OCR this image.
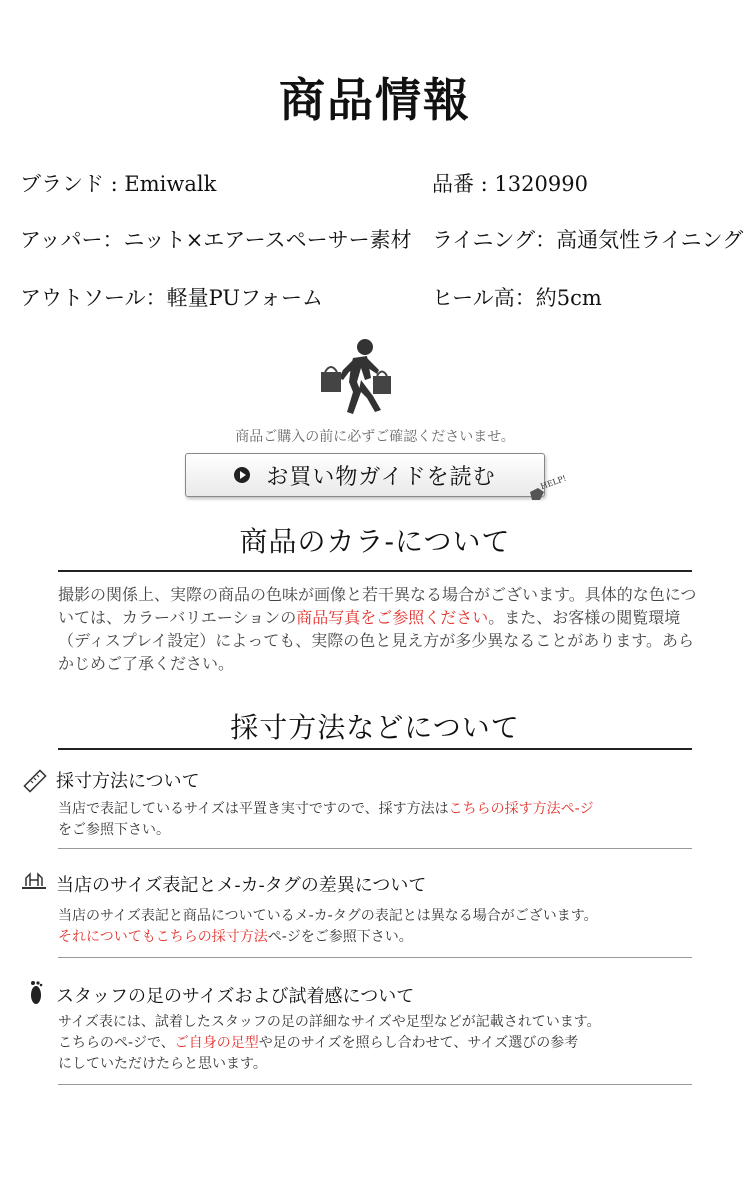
商品情報
ブランド : Emiwalk	品番 : 1320990
アッパー：ニット×エアースペーサー素材 ライニング：高通気性ライニング
アウトソール：軽量PUフォーム	ヒール高：約5cm
商品ご購入の前に必ずご確認くださいませ。
お買い物ガイドを読む	HELP!
商品のカラ-について
撮影の関係上、実際の商品の色味が画像と若干異なる場合がございます。具体的な色については、カラーバリエーションの商品写真をご参照ください。また、お客様の閲覧環境（ディスプレイ設定）によっても、実際の色と見え方が多少異なることがあります。あらかじめご了承ください。
採寸方法などについて
採寸方法について
当店で表記しているサイズは平置き実寸ですので、採す方法はこちらの採す方法ペ-ジ
をご参照下さい。
当店のサイズ表記とメ-カ-タグの差異について
当店のサイズ表記と商品についているメ-カ-タグの表記とは異なる場合がございます。
それについてもこちらの採寸方法ペ-ジをご参照下さい。
スタッフの足のサイズおよび試着感について
サイズ表には、試着したスタッフの足の詳細なサイズや足型などが記載されています。
こちらのペ-ジで、ご自身の足型や足のサイズを照らし合わせて、サイズ選びの参考
にしていただけたらと思います。
